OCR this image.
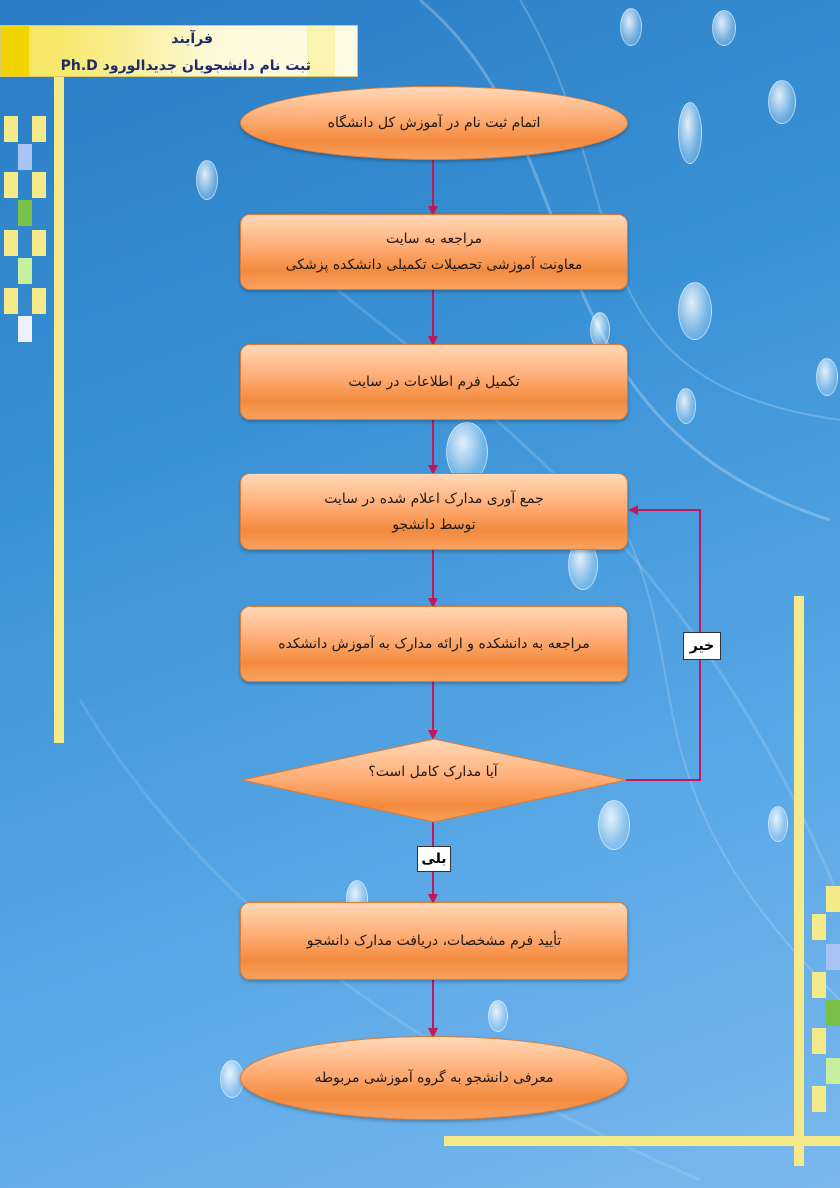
فرآیند
ثبت نام دانشجویان جدیدالورود Ph.D
اتمام ثبت نام در آموزش کل دانشگاه
مراجعه به سایت
معاونت آموزشی تحصیلات تکمیلی دانشکده پزشکی
تکمیل فرم اطلاعات در سایت
جمع آوری مدارک اعلام شده در سایت
توسط دانشجو
مراجعه به دانشکده و ارائه مدارک به آموزش دانشکده
آیا مدارک کامل است؟
تأیید فرم مشخصات، دریافت مدارک دانشجو
معرفی دانشجو به گروه آموزشی مربوطه
خیر
بلی
